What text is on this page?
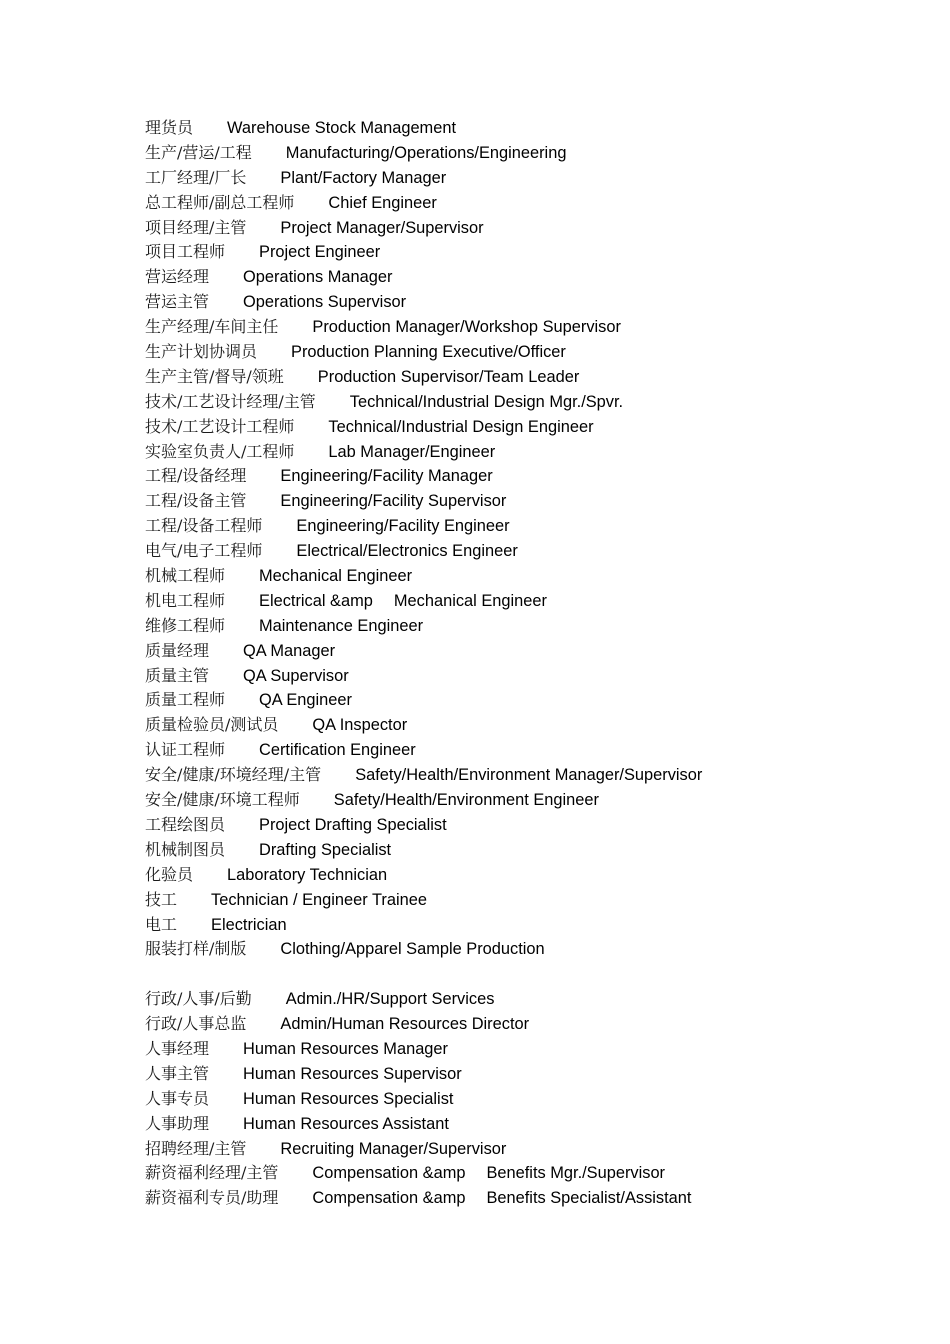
理货员 Warehouse Stock Management
生产/营运/工程 Manufacturing/Operations/Engineering
工厂经理/厂长 Plant/Factory Manager
总工程师/副总工程师 Chief Engineer
项目经理/主管 Project Manager/Supervisor
项目工程师 Project Engineer
营运经理 Operations Manager
营运主管 Operations Supervisor
生产经理/车间主任 Production Manager/Workshop Supervisor
生产计划协调员 Production Planning Executive/Officer
生产主管/督导/领班 Production Supervisor/Team Leader
技术/工艺设计经理/主管 Technical/Industrial Design Mgr./Spvr.
技术/工艺设计工程师 Technical/Industrial Design Engineer
实验室负责人/工程师 Lab Manager/Engineer
工程/设备经理 Engineering/Facility Manager
工程/设备主管 Engineering/Facility Supervisor
工程/设备工程师 Engineering/Facility Engineer
电气/电子工程师 Electrical/Electronics Engineer
机械工程师 Mechanical Engineer
机电工程师 Electrical &amp Mechanical Engineer
维修工程师 Maintenance Engineer
质量经理 QA Manager
质量主管 QA Supervisor
质量工程师 QA Engineer
质量检验员/测试员 QA Inspector
认证工程师 Certification Engineer
安全/健康/环境经理/主管 Safety/Health/Environment Manager/Supervisor
安全/健康/环境工程师 Safety/Health/Environment Engineer
工程绘图员 Project Drafting Specialist
机械制图员 Drafting Specialist
化验员 Laboratory Technician
技工 Technician / Engineer Trainee
电工 Electrician
服装打样/制版 Clothing/Apparel Sample Production
行政/人事/后勤 Admin./HR/Support Services
行政/人事总监 Admin/Human Resources Director
人事经理 Human Resources Manager
人事主管 Human Resources Supervisor
人事专员 Human Resources Specialist
人事助理 Human Resources Assistant
招聘经理/主管 Recruiting Manager/Supervisor
薪资福利经理/主管 Compensation &amp Benefits Mgr./Supervisor
薪资福利专员/助理 Compensation &amp Benefits Specialist/Assistant
